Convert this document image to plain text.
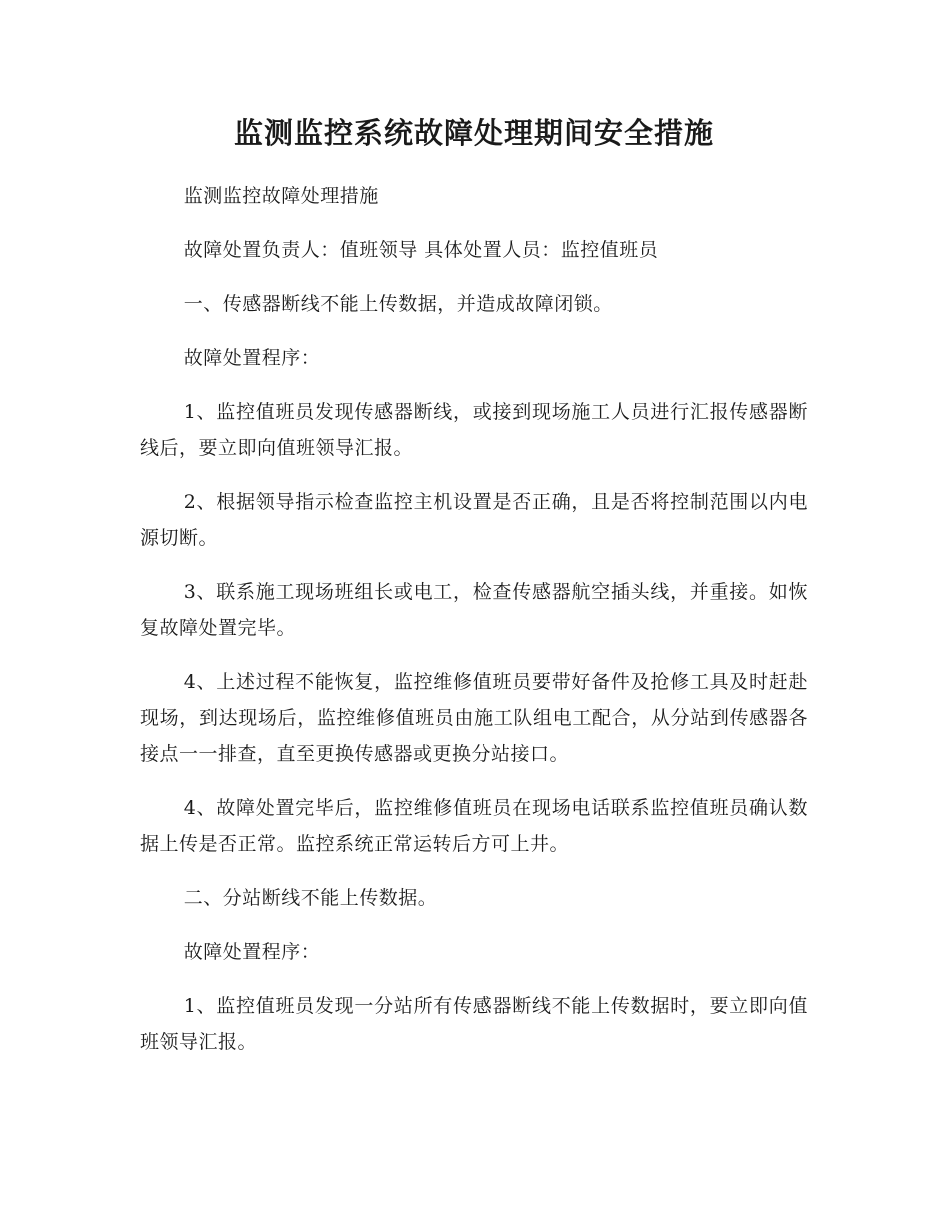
监测监控系统故障处理期间安全措施

监测监控故障处理措施

故障处置负责人：值班领导 具体处置人员：监控值班员

一、传感器断线不能上传数据，并造成故障闭锁。

故障处置程序：

1、监控值班员发现传感器断线，或接到现场施工人员进行汇报传感器断线后，要立即向值班领导汇报。

2、根据领导指示检查监控主机设置是否正确，且是否将控制范围以内电源切断。

3、联系施工现场班组长或电工，检查传感器航空插头线，并重接。如恢复故障处置完毕。

4、上述过程不能恢复，监控维修值班员要带好备件及抢修工具及时赶赴现场，到达现场后，监控维修值班员由施工队组电工配合，从分站到传感器各接点一一排查，直至更换传感器或更换分站接口。

4、故障处置完毕后，监控维修值班员在现场电话联系监控值班员确认数据上传是否正常。监控系统正常运转后方可上井。

二、分站断线不能上传数据。

故障处置程序：

1、监控值班员发现一分站所有传感器断线不能上传数据时，要立即向值班领导汇报。
